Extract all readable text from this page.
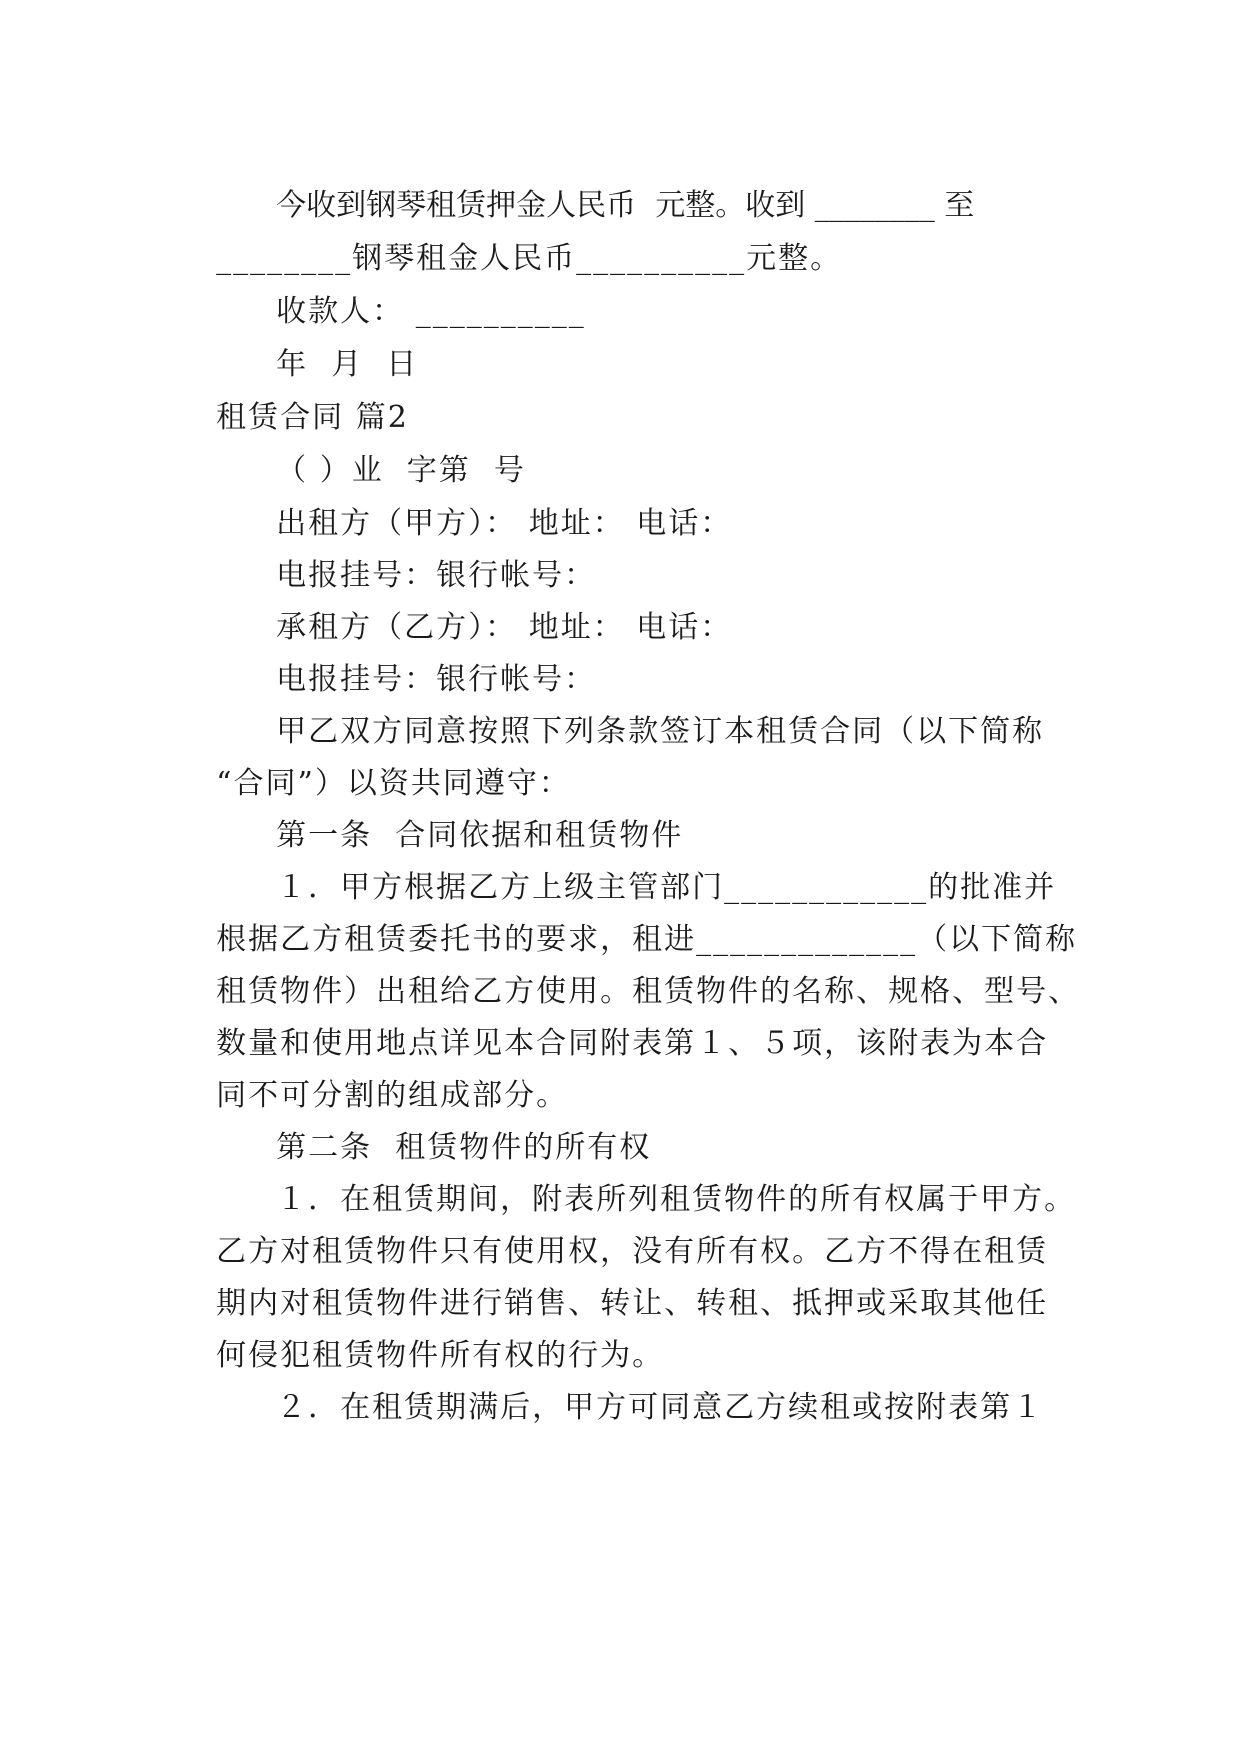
今收到钢琴租赁押金人民币  元整。收到 ________ 至

________钢琴租金人民币__________元整。

收款人： __________

年  月  日

租赁合同 篇2

（ ）业  字第  号

出租方（甲方）： 地址： 电话：

电报挂号：银行帐号：

承租方（乙方）： 地址： 电话：

电报挂号：银行帐号：

甲乙双方同意按照下列条款签订本租赁合同（以下简称

“合同”）以资共同遵守：

第一条  合同依据和租赁物件

１．甲方根据乙方上级主管部门____________的批准并

根据乙方租赁委托书的要求，租进_____________（以下简称

租赁物件）出租给乙方使用。租赁物件的名称、规格、型号、

数量和使用地点详见本合同附表第１、５项，该附表为本合

同不可分割的组成部分。

第二条  租赁物件的所有权

１．在租赁期间，附表所列租赁物件的所有权属于甲方。

乙方对租赁物件只有使用权，没有所有权。乙方不得在租赁

期内对租赁物件进行销售、转让、转租、抵押或采取其他任

何侵犯租赁物件所有权的行为。

２．在租赁期满后，甲方可同意乙方续租或按附表第１
